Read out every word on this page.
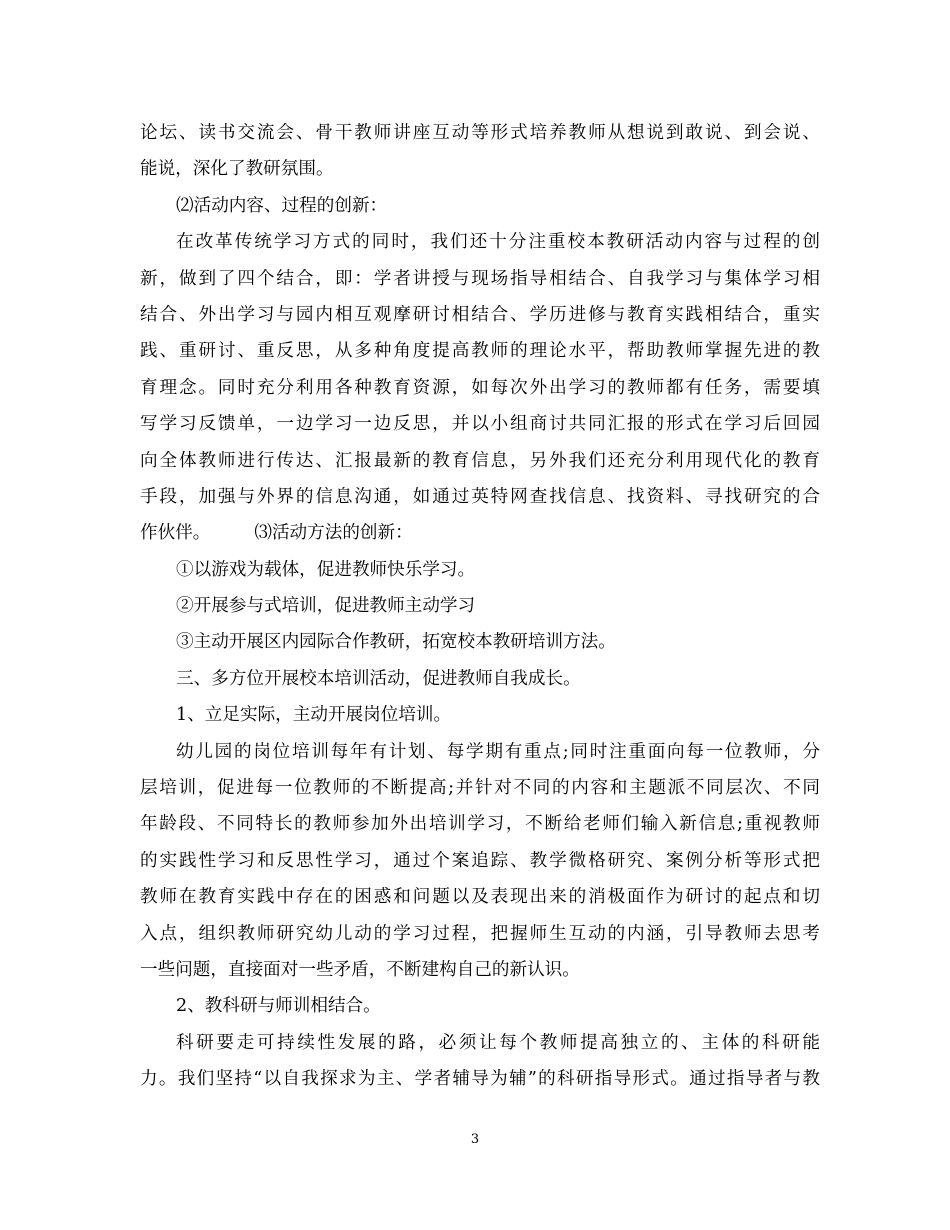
论坛、读书交流会、骨干教师讲座互动等形式培养教师从想说到敢说、到会说、
能说，深化了教研氛围。
⑵活动内容、过程的创新：
在改革传统学习方式的同时，我们还十分注重校本教研活动内容与过程的创
新，做到了四个结合，即：学者讲授与现场指导相结合、自我学习与集体学习相
结合、外出学习与园内相互观摩研讨相结合、学历进修与教育实践相结合，重实
践、重研讨、重反思，从多种角度提高教师的理论水平，帮助教师掌握先进的教
育理念。同时充分利用各种教育资源，如每次外出学习的教师都有任务，需要填
写学习反馈单，一边学习一边反思，并以小组商讨共同汇报的形式在学习后回园
向全体教师进行传达、汇报最新的教育信息，另外我们还充分利用现代化的教育
手段，加强与外界的信息沟通，如通过英特网查找信息、找资料、寻找研究的合
作伙伴。　　　⑶活动方法的创新：
①以游戏为载体，促进教师快乐学习。
②开展参与式培训，促进教师主动学习
③主动开展区内园际合作教研，拓宽校本教研培训方法。
三、多方位开展校本培训活动，促进教师自我成长。
1、立足实际，主动开展岗位培训。
幼儿园的岗位培训每年有计划、每学期有重点;同时注重面向每一位教师，分
层培训，促进每一位教师的不断提高;并针对不同的内容和主题派不同层次、不同
年龄段、不同特长的教师参加外出培训学习，不断给老师们输入新信息;重视教师
的实践性学习和反思性学习，通过个案追踪、教学微格研究、案例分析等形式把
教师在教育实践中存在的困惑和问题以及表现出来的消极面作为研讨的起点和切
入点，组织教师研究幼儿动的学习过程，把握师生互动的内涵，引导教师去思考
一些问题，直接面对一些矛盾，不断建构自己的新认识。
2、教科研与师训相结合。
科研要走可持续性发展的路，必须让每个教师提高独立的、主体的科研能
力。我们坚持“以自我探求为主、学者辅导为辅”的科研指导形式。通过指导者与教
3
